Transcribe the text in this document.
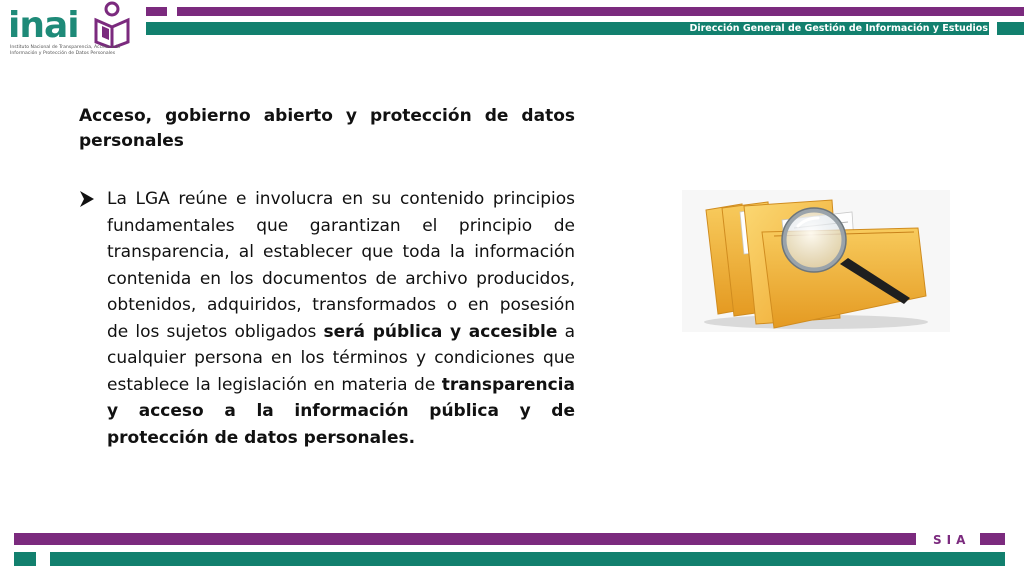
Dirección General de Gestión de Información y Estudios
inai
Instituto Nacional de Transparencia, Acceso a la
Información y Protección de Datos Personales
Acceso, gobierno abierto y protección de datos personales

La LGA reúne e involucra en su contenido principios fundamentales que garantizan el principio de transparencia, al establecer que toda la información contenida en los documentos de archivo producidos, obtenidos, adquiridos, transformados o en posesión de los sujetos obligados será pública y accesible a cualquier persona en los términos y condiciones que establece la legislación en materia de transparencia y acceso a la información pública y de protección de datos personales.

SIA
